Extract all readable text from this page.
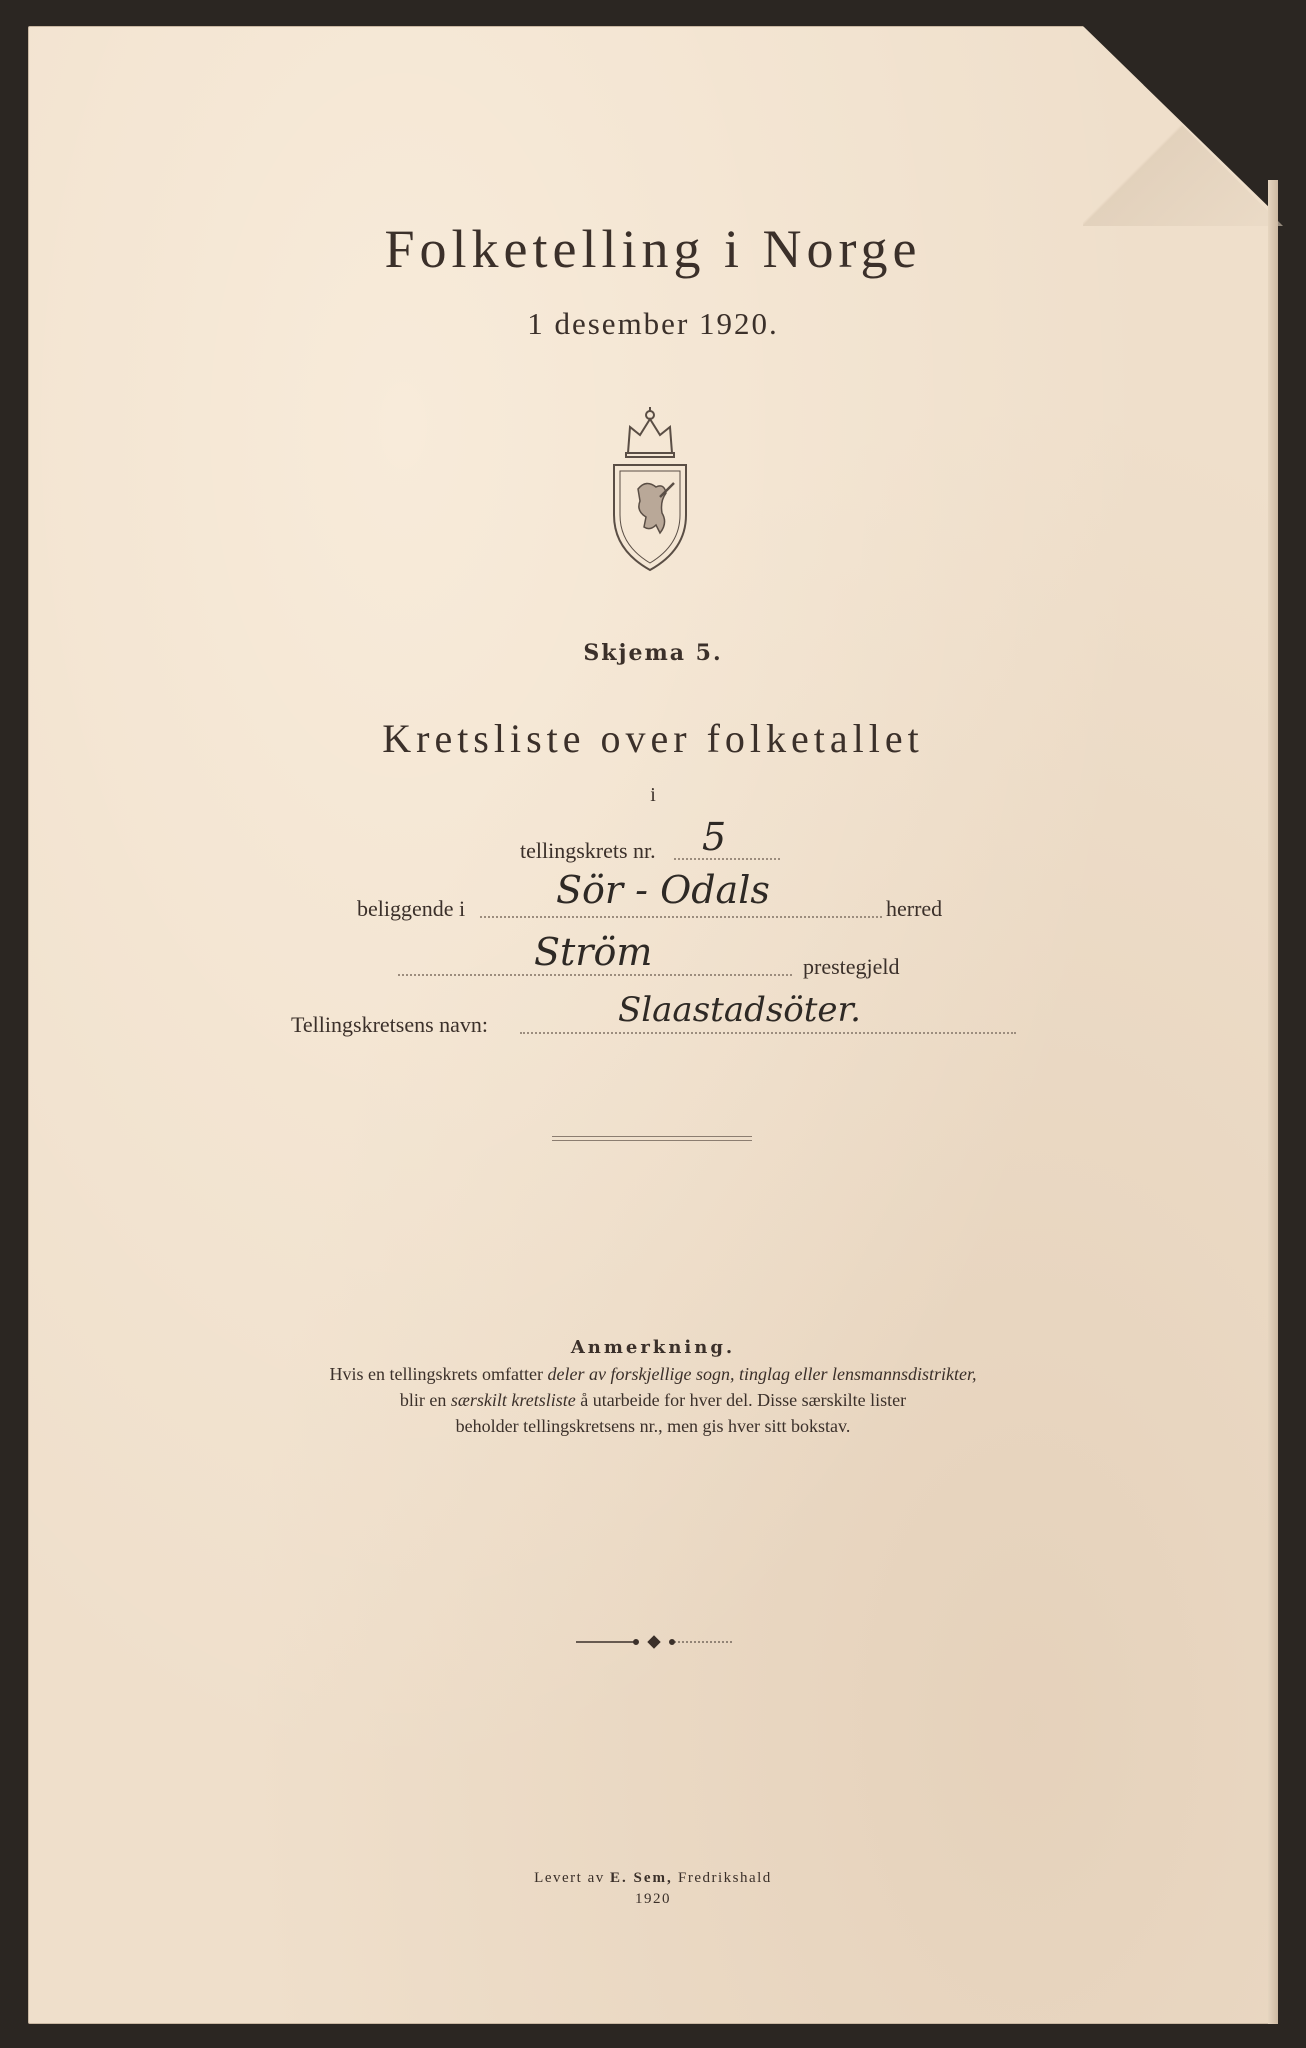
Folketelling i Norge
1 desember 1920.
Skjema 5.
Kretsliste over folketallet
i
tellingskrets nr. 5
beliggende i Sör - Odals	herred
Ström	prestegjeld
Tellingskretsens navn:	Slaastadsöter.
Anmerkning.
Hvis en tellingskrets omfatter deler av forskjellige sogn, tinglag eller lensmannsdistrikter,
blir en særskilt kretsliste å utarbeide for hver del. Disse særskilte lister
beholder tellingskretsens nr., men gis hver sitt bokstav.
Levert av E. Sem, Fredrikshald
1920
